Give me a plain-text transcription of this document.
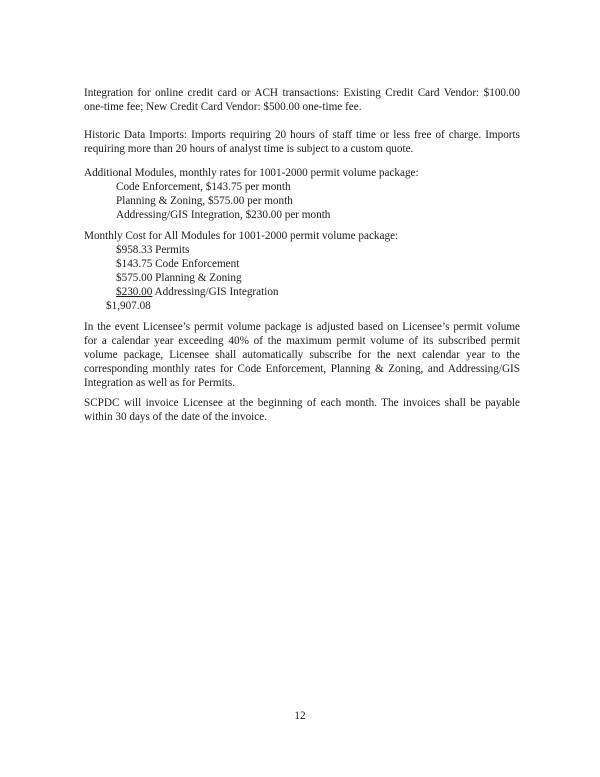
Integration for online credit card or ACH transactions: Existing Credit Card Vendor: $100.00 one-time fee; New Credit Card Vendor: $500.00 one-time fee.

Historic Data Imports: Imports requiring 20 hours of staff time or less free of charge. Imports requiring more than 20 hours of analyst time is subject to a custom quote.

Additional Modules, monthly rates for 1001-2000 permit volume package:
Code Enforcement, $143.75 per month
Planning & Zoning, $575.00 per month
Addressing/GIS Integration, $230.00 per month
Monthly Cost for All Modules for 1001-2000 permit volume package:
$958.33 Permits
$143.75 Code Enforcement
$575.00 Planning & Zoning
$230.00 Addressing/GIS Integration
$1,907.08

In the event Licensee’s permit volume package is adjusted based on Licensee’s permit volume for a calendar year exceeding 40% of the maximum permit volume of its subscribed permit volume package, Licensee shall automatically subscribe for the next calendar year to the corresponding monthly rates for Code Enforcement, Planning & Zoning, and Addressing/GIS Integration as well as for Permits.

SCPDC will invoice Licensee at the beginning of each month. The invoices shall be payable within 30 days of the date of the invoice.

12
